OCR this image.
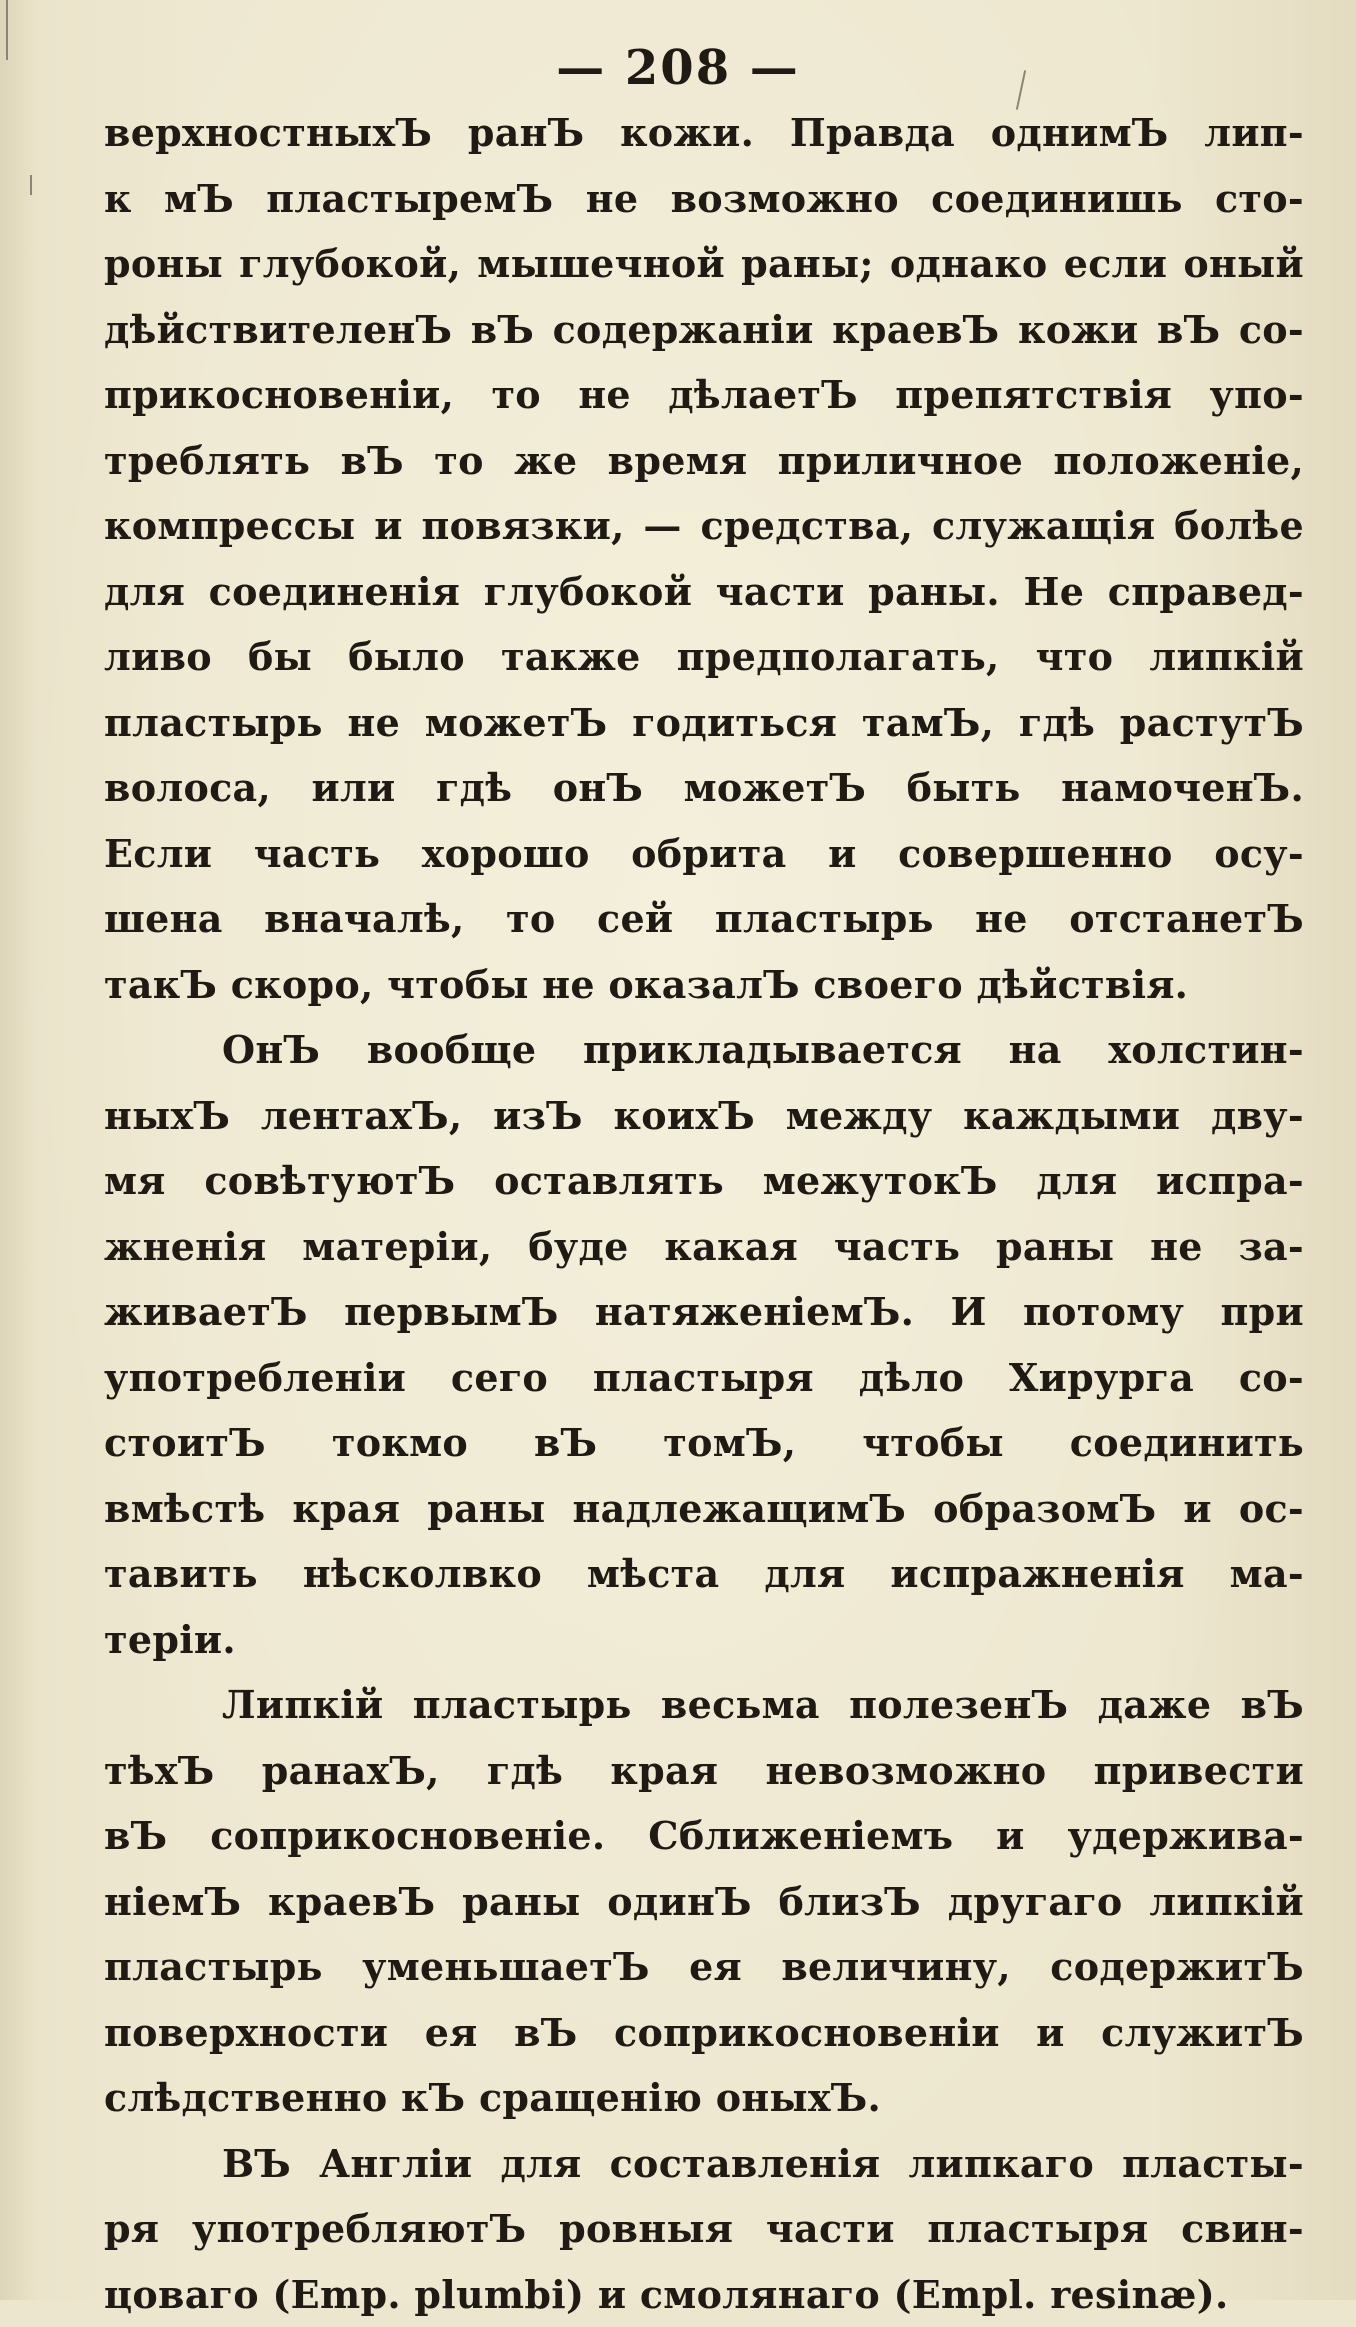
— 208 —
верхностныхЪ ранЪ кожи. Правда однимЪ лип-
к мЪ пластыремЪ не возможно соединишь сто-
роны глубокой, мышечной раны; однако если оный
дѣйствителенЪ вЪ содержаніи краевЪ кожи вЪ со-
прикосновеніи, то не дѣлаетЪ препятствія упо-
треблять вЪ то же время приличное положеніе,
компрессы и повязки, — средства, служащія болѣе
для соединенія глубокой части раны. Не справед-
ливо бы было также предполагать, что липкій
пластырь не можетЪ годиться тамЪ, гдѣ растутЪ
волоса, или гдѣ онЪ можетЪ быть намоченЪ.
Если часть хорошо обрита и совершенно осу-
шена вначалѣ, то сей пластырь не отстанетЪ
такЪ скоро, чтобы не оказалЪ своего дѣйствія.
ОнЪ вообще прикладывается на холстин-
ныхЪ лентахЪ, изЪ коихЪ между каждыми дву-
мя совѣтуютЪ оставлять межутокЪ для испра-
жненія матеріи, буде какая часть раны не за-
живаетЪ первымЪ натяженіемЪ. И потому при
употребленіи сего пластыря дѣло Хирурга со-
стоитЪ токмо вЪ томЪ, чтобы соединить
вмѣстѣ края раны надлежащимЪ образомЪ и ос-
тавить нѣсколвко мѣста для испражненія ма-
теріи.
Липкій пластырь весьма полезенЪ даже вЪ
тѣхЪ ранахЪ, гдѣ края невозможно привести
вЪ соприкосновеніе. Сближеніемъ и удержива-
ніемЪ краевЪ раны одинЪ близЪ другаго липкій
пластырь уменьшаетЪ ея величину, содержитЪ
поверхности ея вЪ соприкосновеніи и служитЪ
слѣдственно кЪ сращенію оныхЪ.
ВЪ Англіи для составленія липкаго пласты-
ря употребляютЪ ровныя части пластыря свин-
цоваго (Emp. plumbi) и смолянаго (Empl. resinæ).
